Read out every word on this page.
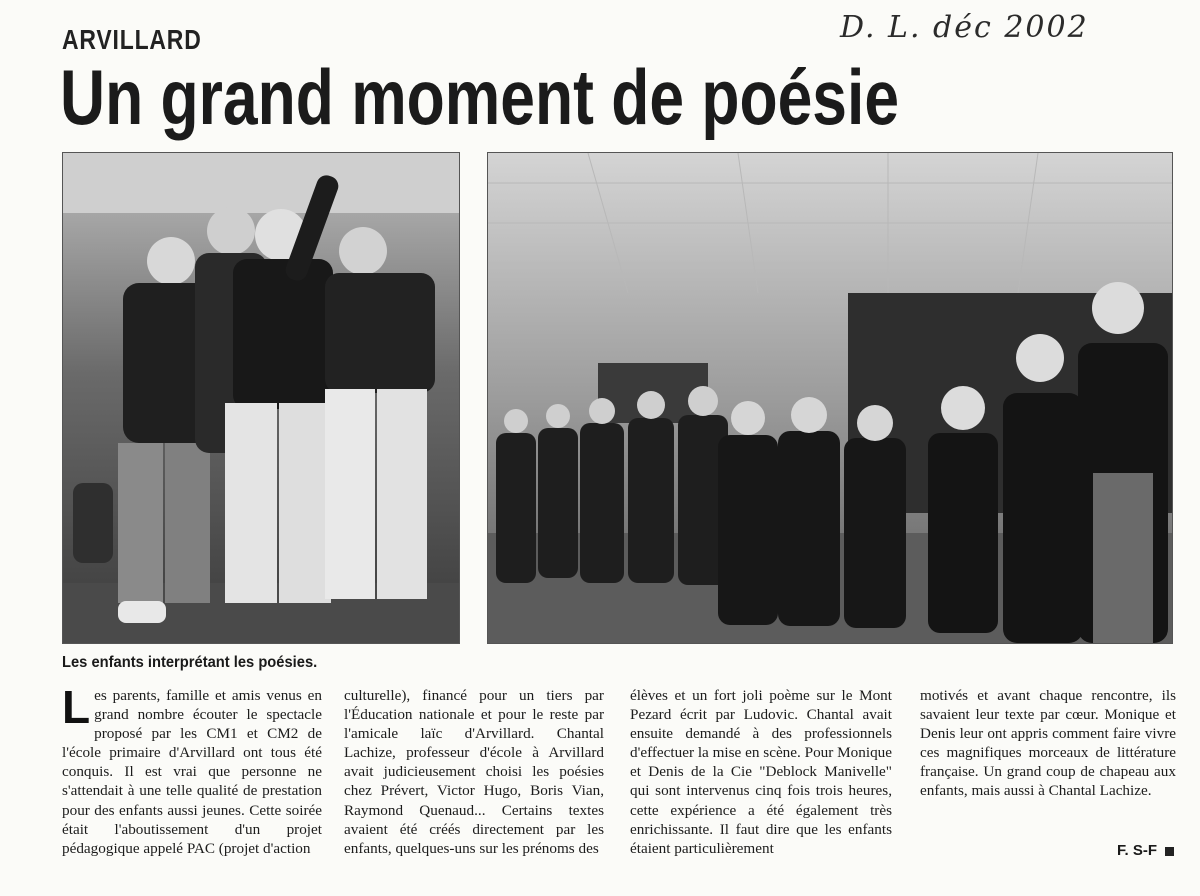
D. L. déc 2002
ARVILLARD
Un grand moment de poésie
Les enfants interprétant les poésies.

Les parents, famille et amis venus en grand nombre écouter le spectacle proposé par les CM1 et CM2 de l'école primaire d'Arvillard ont tous été conquis. Il est vrai que personne ne s'attendait à une telle qualité de prestation pour des enfants aussi jeunes. Cette soirée était l'aboutissement d'un projet pédagogique appelé PAC (projet d'action

culturelle), financé pour un tiers par l'Éducation nationale et pour le reste par l'amicale laïc d'Arvillard. Chantal Lachize, professeur d'école à Arvillard avait judicieusement choisi les poésies chez Prévert, Victor Hugo, Boris Vian, Raymond Quenaud... Certains textes avaient été créés directement par les enfants, quelques-uns sur les prénoms des

élèves et un fort joli poème sur le Mont Pezard écrit par Ludovic. Chantal avait ensuite demandé à des professionnels d'effectuer la mise en scène. Pour Monique et Denis de la Cie "Deblock Manivelle" qui sont intervenus cinq fois trois heures, cette expérience a été également très enrichissante. Il faut dire que les enfants étaient particulièrement

motivés et avant chaque rencontre, ils savaient leur texte par cœur. Monique et Denis leur ont appris comment faire vivre ces magnifiques morceaux de littérature française. Un grand coup de chapeau aux enfants, mais aussi à Chantal Lachize.

F. S-F
